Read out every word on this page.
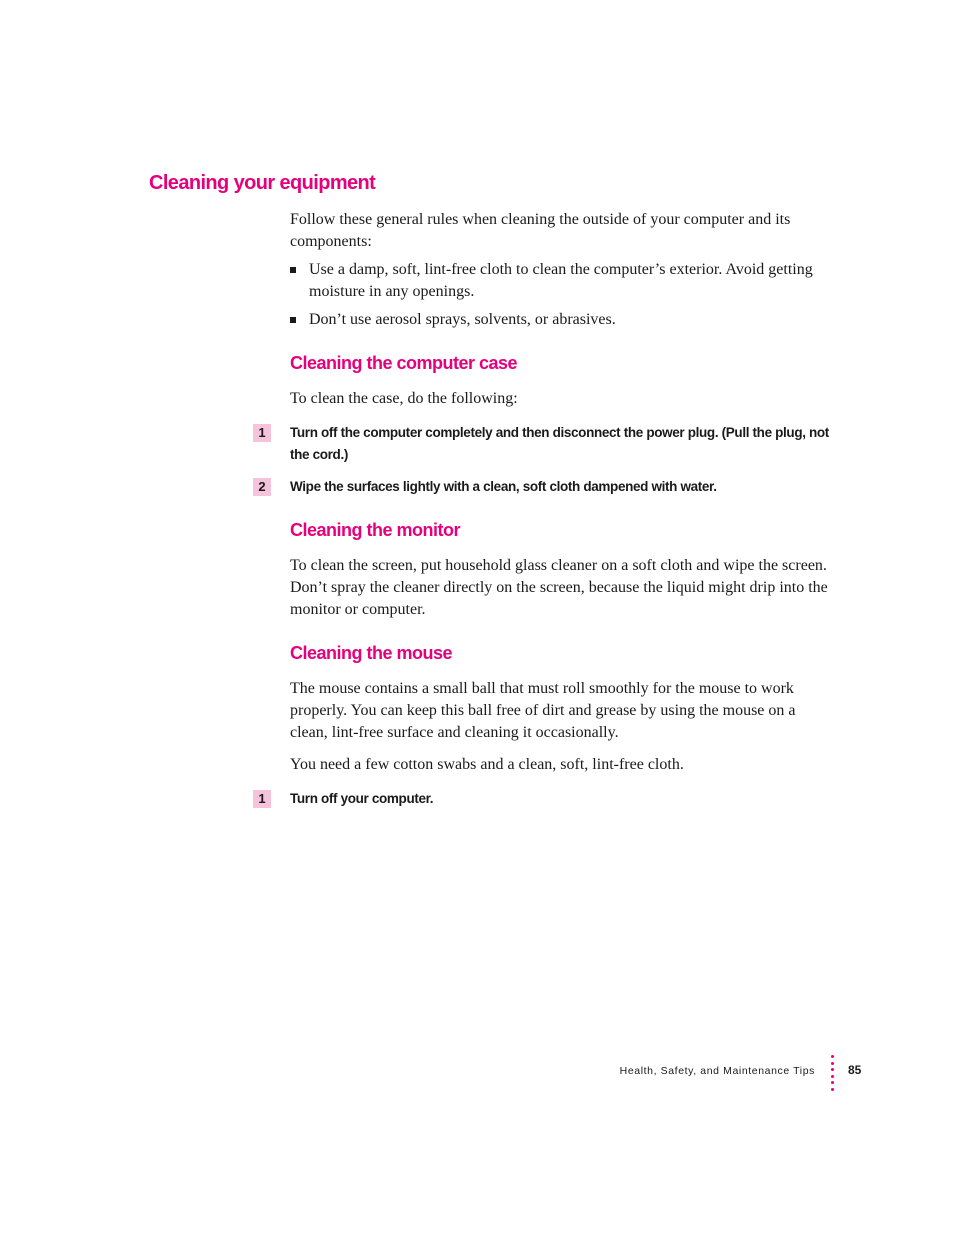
Cleaning your equipment
Follow these general rules when cleaning the outside of your computer and its components:
Use a damp, soft, lint-free cloth to clean the computer’s exterior. Avoid getting moisture in any openings.
Don’t use aerosol sprays, solvents, or abrasives.
Cleaning the computer case
To clean the case, do the following:
1	Turn off the computer completely and then disconnect the power plug. (Pull the plug, not the cord.)
2	Wipe the surfaces lightly with a clean, soft cloth dampened with water.
Cleaning the monitor
To clean the screen, put household glass cleaner on a soft cloth and wipe the screen. Don’t spray the cleaner directly on the screen, because the liquid might drip into the monitor or computer.
Cleaning the mouse
The mouse contains a small ball that must roll smoothly for the mouse to work properly. You can keep this ball free of dirt and grease by using the mouse on a clean, lint-free surface and cleaning it occasionally.
You need a few cotton swabs and a clean, soft, lint-free cloth.
1	Turn off your computer.
Health, Safety, and Maintenance Tips	85
